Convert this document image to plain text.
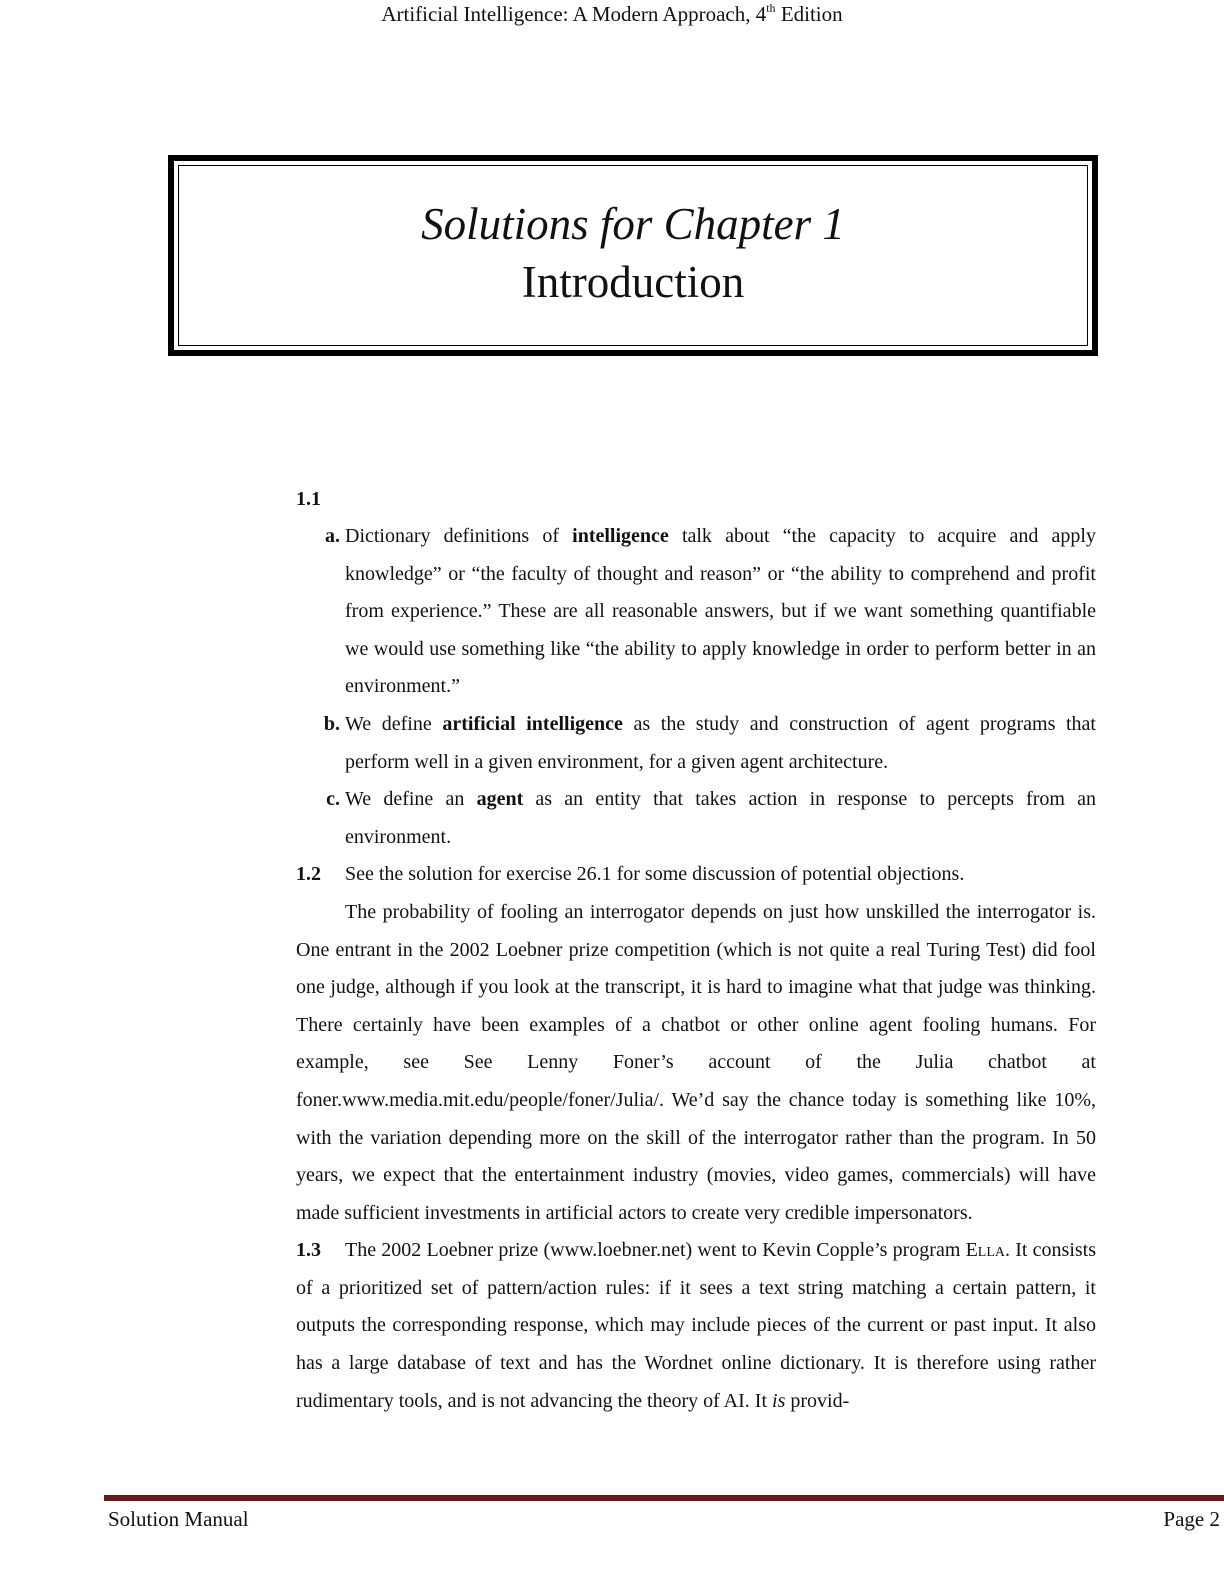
Artificial Intelligence: A Modern Approach, 4th Edition
Solutions for Chapter 1
Introduction

1.1

a. Dictionary definitions of intelligence talk about “the capacity to acquire and apply knowledge” or “the faculty of thought and reason” or “the ability to comprehend and profit from experience.” These are all reasonable answers, but if we want something quantifiable we would use something like “the ability to apply knowledge in order to perform better in an environment.”

b. We define artificial intelligence as the study and construction of agent programs that perform well in a given environment, for a given agent architecture.

c. We define an agent as an entity that takes action in response to percepts from an environment.

1.2 See the solution for exercise 26.1 for some discussion of potential objections.

The probability of fooling an interrogator depends on just how unskilled the interrogator is. One entrant in the 2002 Loebner prize competition (which is not quite a real Turing Test) did fool one judge, although if you look at the transcript, it is hard to imagine what that judge was thinking. There certainly have been examples of a chatbot or other online agent fooling humans. For example, see See Lenny Foner’s account of the Julia chatbot at foner.www.media.mit.edu/people/foner/Julia/. We’d say the chance today is something like 10%, with the variation depending more on the skill of the interrogator rather than the program. In 50 years, we expect that the entertainment industry (movies, video games, commercials) will have made sufficient investments in artificial actors to create very credible impersonators.

1.3 The 2002 Loebner prize (www.loebner.net) went to Kevin Copple’s program Ella. It consists of a prioritized set of pattern/action rules: if it sees a text string matching a certain pattern, it outputs the corresponding response, which may include pieces of the current or past input. It also has a large database of text and has the Wordnet online dictionary. It is therefore using rather rudimentary tools, and is not advancing the theory of AI. It is provid-

Solution Manual	Page 2
